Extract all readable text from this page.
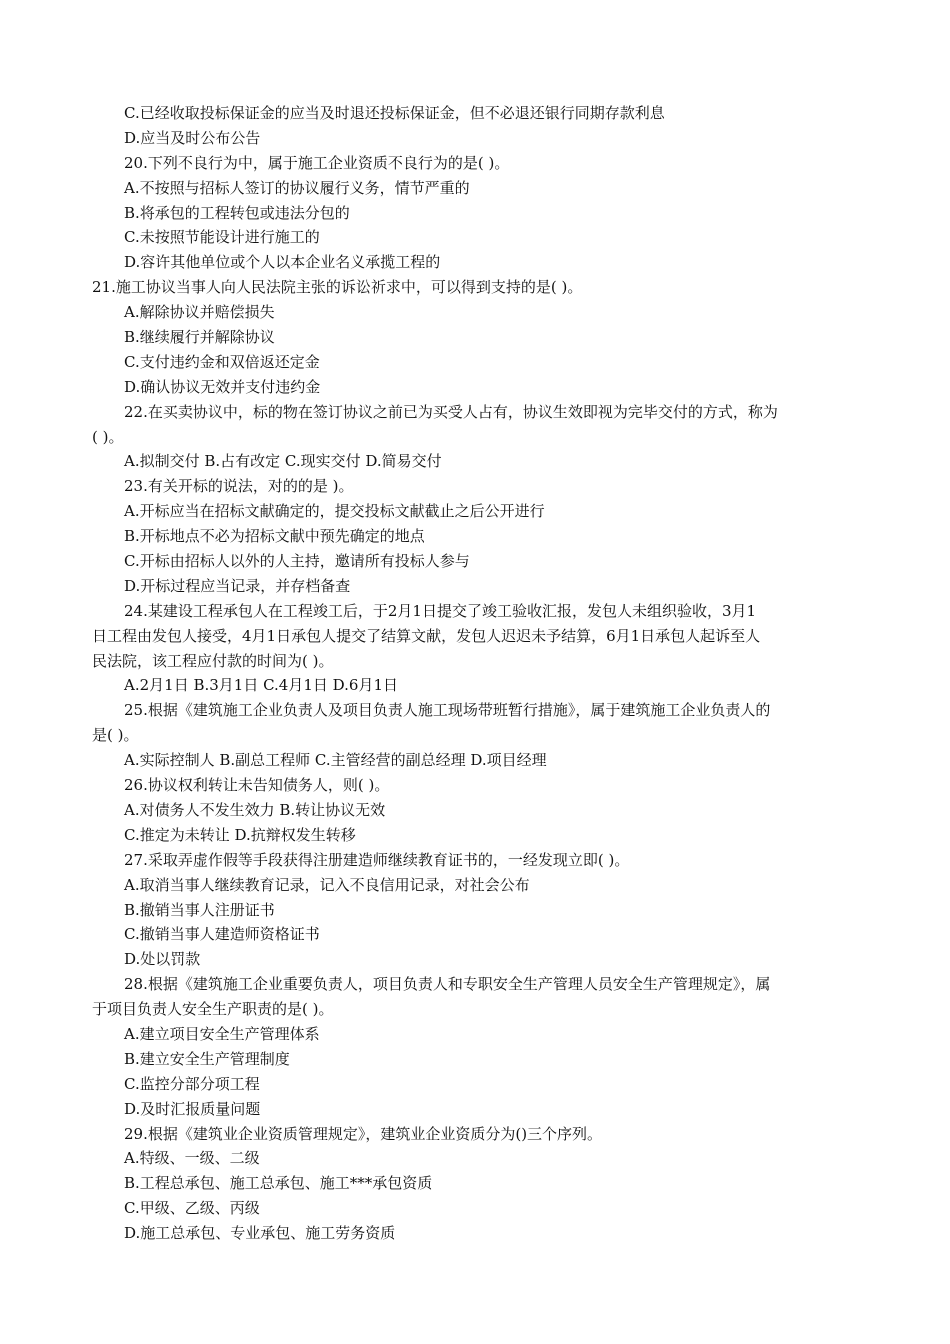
C.已经收取投标保证金的应当及时退还投标保证金，但不必退还银行同期存款利息
D.应当及时公布公告
20.下列不良行为中，属于施工企业资质不良行为的是( )。
A.不按照与招标人签订的协议履行义务，情节严重的
B.将承包的工程转包或违法分包的
C.未按照节能设计进行施工的
D.容许其他单位或个人以本企业名义承揽工程的
21.施工协议当事人向人民法院主张的诉讼祈求中，可以得到支持的是( )。
A.解除协议并赔偿损失
B.继续履行并解除协议
C.支付违约金和双倍返还定金
D.确认协议无效并支付违约金
22.在买卖协议中，标的物在签订协议之前已为买受人占有，协议生效即视为完毕交付的方式，称为
( )。
A.拟制交付 B.占有改定 C.现实交付 D.简易交付
23.有关开标的说法，对的的是 )。
A.开标应当在招标文献确定的，提交投标文献截止之后公开进行
B.开标地点不必为招标文献中预先确定的地点
C.开标由招标人以外的人主持，邀请所有投标人参与
D.开标过程应当记录，并存档备查
24.某建设工程承包人在工程竣工后，于2月1日提交了竣工验收汇报，发包人未组织验收，3月1
日工程由发包人接受，4月1日承包人提交了结算文献，发包人迟迟未予结算，6月1日承包人起诉至人
民法院，该工程应付款的时间为( )。
A.2月1日 B.3月1日 C.4月1日 D.6月1日
25.根据《建筑施工企业负责人及项目负责人施工现场带班暂行措施》，属于建筑施工企业负责人的
是( )。
A.实际控制人 B.副总工程师 C.主管经营的副总经理 D.项目经理
26.协议权利转让未告知债务人，则( )。
A.对债务人不发生效力 B.转让协议无效
C.推定为未转让 D.抗辩权发生转移
27.采取弄虚作假等手段获得注册建造师继续教育证书的，一经发现立即( )。
A.取消当事人继续教育记录，记入不良信用记录，对社会公布
B.撤销当事人注册证书
C.撤销当事人建造师资格证书
D.处以罚款
28.根据《建筑施工企业重要负责人，项目负责人和专职安全生产管理人员安全生产管理规定》，属
于项目负责人安全生产职责的是( )。
A.建立项目安全生产管理体系
B.建立安全生产管理制度
C.监控分部分项工程
D.及时汇报质量问题
29.根据《建筑业企业资质管理规定》，建筑业企业资质分为()三个序列。
A.特级、一级、二级
B.工程总承包、施工总承包、施工***承包资质
C.甲级、乙级、丙级
D.施工总承包、专业承包、施工劳务资质
